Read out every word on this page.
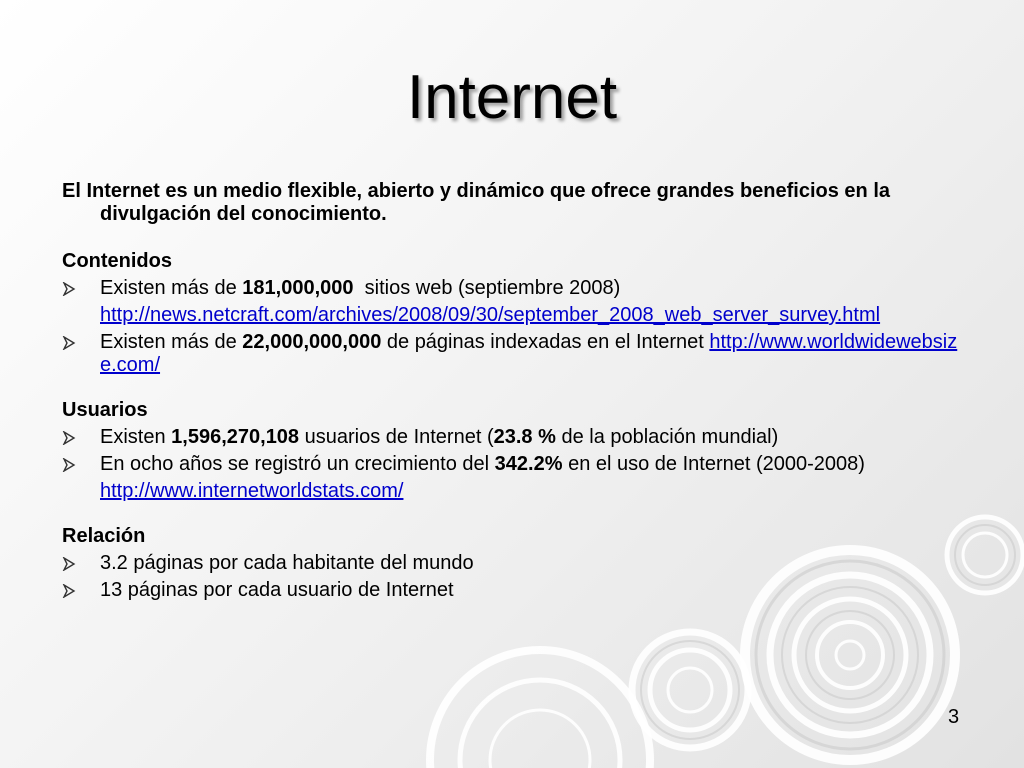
Internet

El Internet es un medio flexible, abierto y dinámico que ofrece grandes beneficios en la divulgación del conocimiento.

Contenidos

Existen más de 181,000,000  sitios web (septiembre 2008)

http://news.netcraft.com/archives/2008/09/30/september_2008_web_server_survey.html

Existen más de 22,000,000,000 de páginas indexadas en el Internet http://www.worldwidewebsize.com/

Usuarios

Existen 1,596,270,108 usuarios de Internet (23.8 % de la población mundial)
En ocho años se registró un crecimiento del 342.2% en el uso de Internet (2000-2008)

http://www.internetworldstats.com/

Relación

3.2 páginas por cada habitante del mundo
13 páginas por cada usuario de Internet
3
